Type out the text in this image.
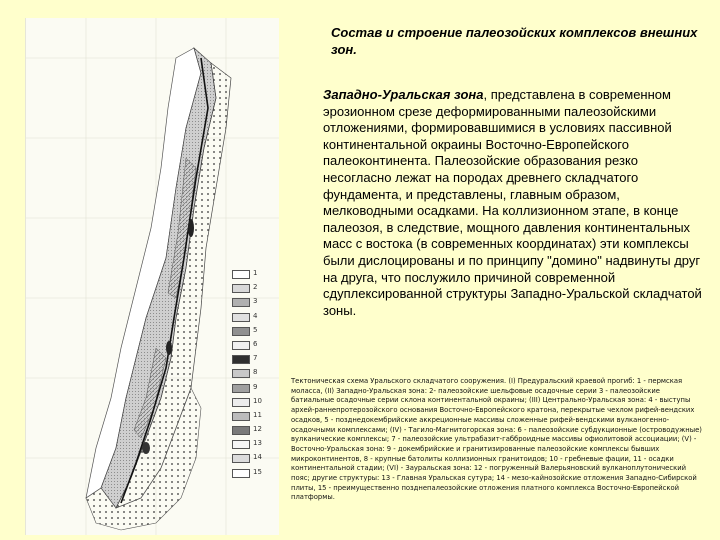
1
2
3
4
5
6
7
8
9
10
11
12
13
14
15
Состав и строение палеозойских комплексов внешних зон.
Западно-Уральская зона, представлена в современном эрозионном срезе деформированными палеозойскими отложениями, формировавшимися в условиях пассивной континентальной окраины Восточно-Европейского палеоконтинента. Палеозойские образования резко несогласно лежат на породах древнего складчатого фундамента, и представлены, главным образом, мелководными осадками. На коллизионном этапе, в конце палеозоя, в следствие, мощного давления континентальных масс с востока (в современных координатах) эти комплексы были дислоцированы и по принципу "домино" надвинуты друг на друга, что послужило причиной современной сдуплексированной структуры Западно-Уральской складчатой зоны.
Тектоническая схема Уральского складчатого сооружения. (I) Предуральский краевой прогиб: 1 - пермская моласса, (II) Западно-Уральская зона: 2- палеозойские шельфовые осадочные серии 3 - палеозойские батиальные осадочные серии склона континентальной окраины; (III) Центрально-Уральская зона: 4 - выступы архей-раннепротерозойского основания Восточно-Европейского кратона, перекрытые чехлом рифей-вендских осадков, 5 - позднедокембрийские аккреционные массивы сложенные рифей-вендскими вулканогенно-осадочными комплексами; (IV) - Тагило-Магнитогорская зона: 6 - палеозойские субдукционные (островодужные) вулканические комплексы; 7 - палеозойские ультрабазит-габброидные массивы офиолитовой ассоциации; (V) - Восточно-Уральская зона: 9 - докембрийские и гранитизированные палеозойские комплексы бывших микроконтинентов, 8 - крупные батолиты коллизионных гранитоидов; 10 - гребневые фации, 11 - осадки континентальной стадии; (VI) - Зауральская зона: 12 - погруженный Валерьяновский вулканоплутонический пояс; другие структуры: 13 - Главная Уральская сутура; 14 - мезо-кайнозойские отложения Западно-Сибирской плиты, 15 - преимущественно позднепалеозойские отложения платного комплекса Восточно-Европейской платформы.
